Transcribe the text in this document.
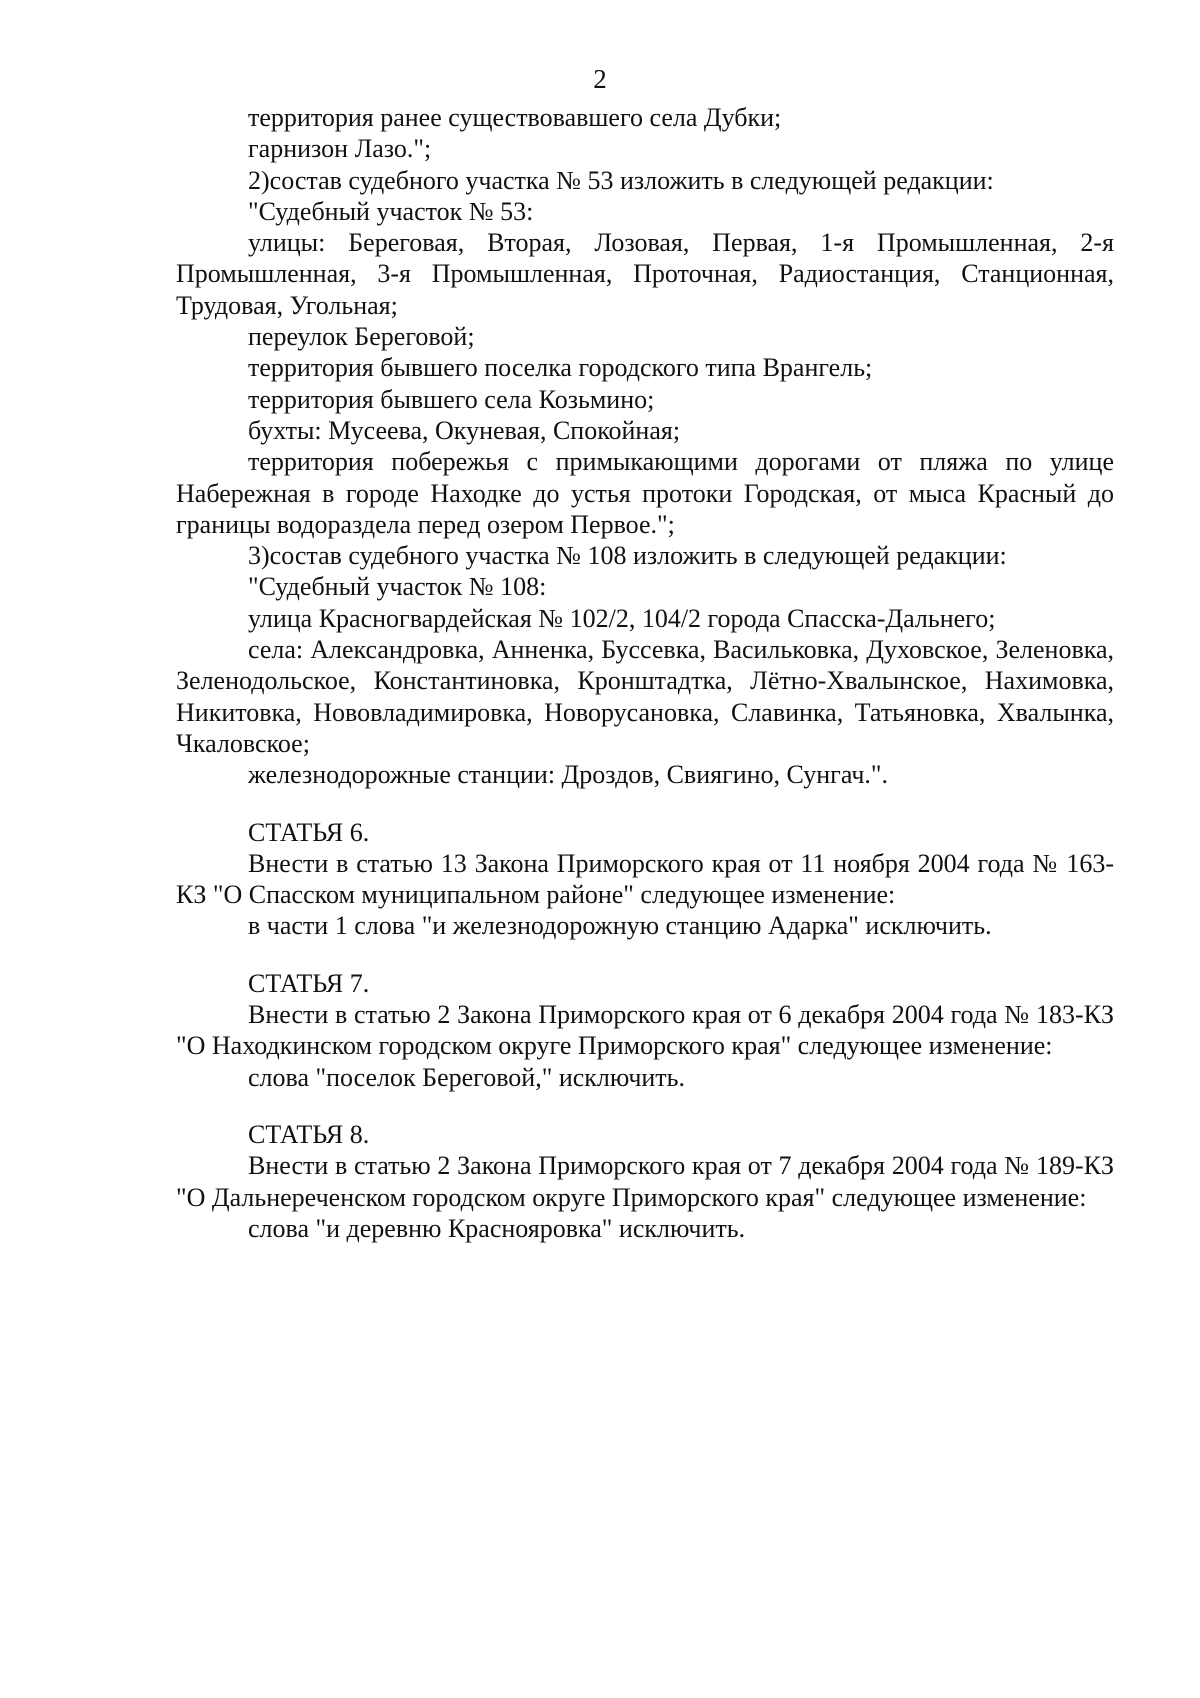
2

территория ранее существовавшего села Дубки;

гарнизон Лазо.";

2)состав судебного участка № 53 изложить в следующей редакции:

"Судебный участок № 53:

улицы: Береговая, Вторая, Лозовая, Первая, 1-я Промышленная, 2-я Промышленная, 3-я Промышленная, Проточная, Радиостанция, Станционная, Трудовая, Угольная;

переулок Береговой;

территория бывшего поселка городского типа Врангель;

территория бывшего села Козьмино;

бухты: Мусеева, Окуневая, Спокойная;

территория побережья с примыкающими дорогами от пляжа по улице Набережная в городе Находке до устья протоки Городская, от мыса Красный до границы водораздела перед озером Первое.";

3)состав судебного участка № 108 изложить в следующей редакции:

"Судебный участок № 108:

улица Красногвардейская № 102/2, 104/2 города Спасска-Дальнего;

села: Александровка, Анненка, Буссевка, Васильковка, Духовское, Зеленовка, Зеленодольское, Константиновка, Кронштадтка, Лётно-Хвалынское, Нахимовка, Никитовка, Нововладимировка, Новорусановка, Славинка, Татьяновка, Хвалынка, Чкаловское;

железнодорожные станции: Дроздов, Свиягино, Сунгач.".

СТАТЬЯ 6.

Внести в статью 13 Закона Приморского края от 11 ноября 2004 года № 163-КЗ "О Спасском муниципальном районе" следующее изменение:

в части 1 слова "и железнодорожную станцию Адарка" исключить.

СТАТЬЯ 7.

Внести в статью 2 Закона Приморского края от 6 декабря 2004 года № 183-КЗ "О Находкинском городском округе Приморского края" следующее изменение:

слова "поселок Береговой," исключить.

СТАТЬЯ 8.

Внести в статью 2 Закона Приморского края от 7 декабря 2004 года № 189-КЗ "О Дальнереченском городском округе Приморского края" следующее изменение:

слова "и деревню Краснояровка" исключить.
